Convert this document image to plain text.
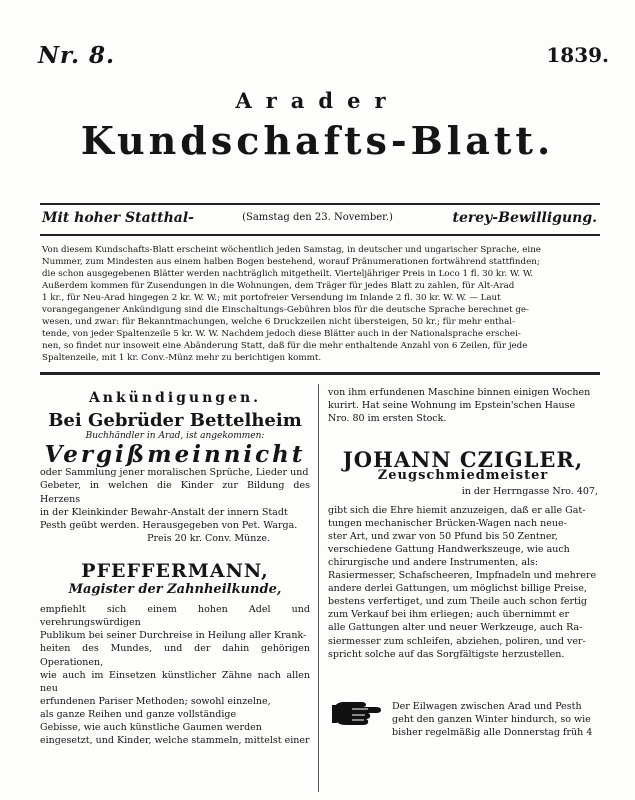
Nr. 8.	1839.
Arader
Kundschafts-Blatt.
Mit hoher Statthal-	(Samstag den 23. November.)	terey-Bewilligung.
Von diesem Kundschafts-Blatt erscheint wöchentlich jeden Samstag, in deutscher und ungarischer Sprache, eine
Nummer, zum Mindesten aus einem halben Bogen bestehend, worauf Pränumerationen fortwährend stattfinden;
die schon ausgegebenen Blätter werden nachträglich mitgetheilt. Vierteljähriger Preis in Loco 1 fl. 30 kr. W. W.
Außerdem kommen für Zusendungen in die Wohnungen, dem Träger für jedes Blatt zu zahlen, für Alt-Arad
1 kr., für Neu-Arad hingegen 2 kr. W. W.; mit portofreier Versendung im Inlande 2 fl. 30 kr. W. W. — Laut
vorangegangener Ankündigung sind die Einschaltungs-Gebühren blos für die deutsche Sprache berechnet ge-
wesen, und zwar: für Bekanntmachungen, welche 6 Druckzeilen nicht übersteigen, 50 kr.; für mehr enthal-
tende, von jeder Spaltenzeile 5 kr. W. W. Nachdem jedoch diese Blätter auch in der Nationalsprache erschei-
nen, so findet nur insoweit eine Abänderung Statt, daß für die mehr enthaltende Anzahl von 6 Zeilen, für jede
Spaltenzeile, mit 1 kr. Conv.-Münz mehr zu berichtigen kommt.
Ankündigungen.
Bei Gebrüder Bettelheim
Buchhändler in Arad, ist angekommen:
Vergißmeinnicht
oder Sammlung jener moralischen Sprüche, Lieder und
Gebeter, in welchen die Kinder zur Bildung des Herzens
in der Kleinkinder Bewahr-Anstalt der innern Stadt
Pesth geübt werden. Herausgegeben von Pet. Warga.
Preis 20 kr. Conv. Münze.
PFEFFERMANN,
Magister der Zahnheilkunde,
empfiehlt sich einem hohen Adel und verehrungswürdigen
Publikum bei seiner Durchreise in Heilung aller Krank-
heiten des Mundes, und der dahin gehörigen Operationen,
wie auch im Einsetzen künstlicher Zähne nach allen neu
erfundenen Pariser Methoden; sowohl einzelne,
als ganze Reihen und ganze vollständige
Gebisse, wie auch künstliche Gaumen werden
eingesetzt, und Kinder, welche stammeln, mittelst einer
von ihm erfundenen Maschine binnen einigen Wochen
kurirt. Hat seine Wohnung im Epstein'schen Hause
Nro. 80 im ersten Stock.
JOHANN CZIGLER,
Zeugschmiedmeister
in der Herrngasse Nro. 407,
gibt sich die Ehre hiemit anzuzeigen, daß er alle Gat-
tungen mechanischer Brücken-Wagen nach neue-
ster Art, und zwar von 50 Pfund bis 50 Zentner,
verschiedene Gattung Handwerkszeuge, wie auch
chirurgische und andere Instrumenten, als:
Rasiermesser, Schafscheeren, Impfnadeln und mehrere
andere derlei Gattungen, um möglichst billige Preise,
bestens verfertiget, und zum Theile auch schon fertig
zum Verkauf bei ihm erliegen; auch übernimmt er
alle Gattungen alter und neuer Werkzeuge, auch Ra-
siermesser zum schleifen, abziehen, poliren, und ver-
spricht solche auf das Sorgfältigste herzustellen.
Der Eilwagen zwischen Arad und Pesth
geht den ganzen Winter hindurch, so wie
bisher regelmäßig alle Donnerstag früh 4
